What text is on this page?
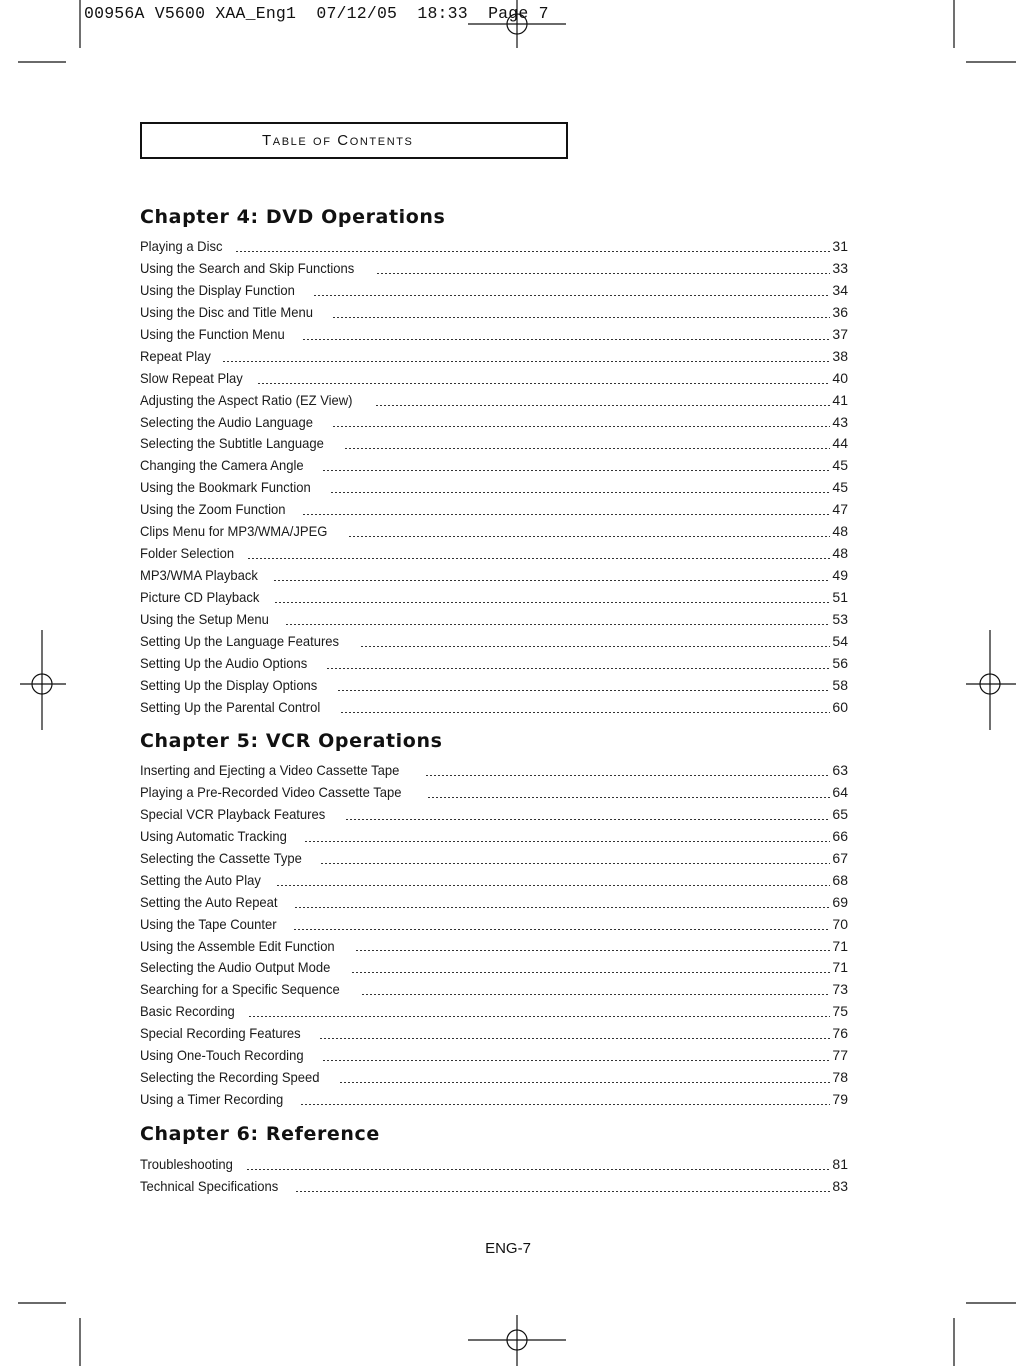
00956A V5600 XAA_Eng1  07/12/05  18:33  Page 7
Table of Contents
Chapter 4: DVD Operations
Playing a Disc	31
Using the Search and Skip Functions	33
Using the Display Function	34
Using the Disc and Title Menu	36
Using the Function Menu	37
Repeat Play	38
Slow Repeat Play	40
Adjusting the Aspect Ratio (EZ View)	41
Selecting the Audio Language	43
Selecting the Subtitle Language	44
Changing the Camera Angle	45
Using the Bookmark Function	45
Using the Zoom Function	47
Clips Menu for MP3/WMA/JPEG	48
Folder Selection	48
MP3/WMA Playback	49
Picture CD Playback	51
Using the Setup Menu	53
Setting Up the Language Features	54
Setting Up the Audio Options	56
Setting Up the Display Options	58
Setting Up the Parental Control	60
Chapter 5: VCR Operations
Inserting and Ejecting a Video Cassette Tape	63
Playing a Pre-Recorded Video Cassette Tape	64
Special VCR Playback Features	65
Using Automatic Tracking	66
Selecting the Cassette Type	67
Setting the Auto Play	68
Setting the Auto Repeat	69
Using the Tape Counter	70
Using the Assemble Edit Function	71
Selecting the Audio Output Mode	71
Searching for a Specific Sequence	73
Basic Recording	75
Special Recording Features	76
Using One-Touch Recording	77
Selecting the Recording Speed	78
Using a Timer Recording	79
Chapter 6: Reference
Troubleshooting	81
Technical Specifications	83
ENG-7
